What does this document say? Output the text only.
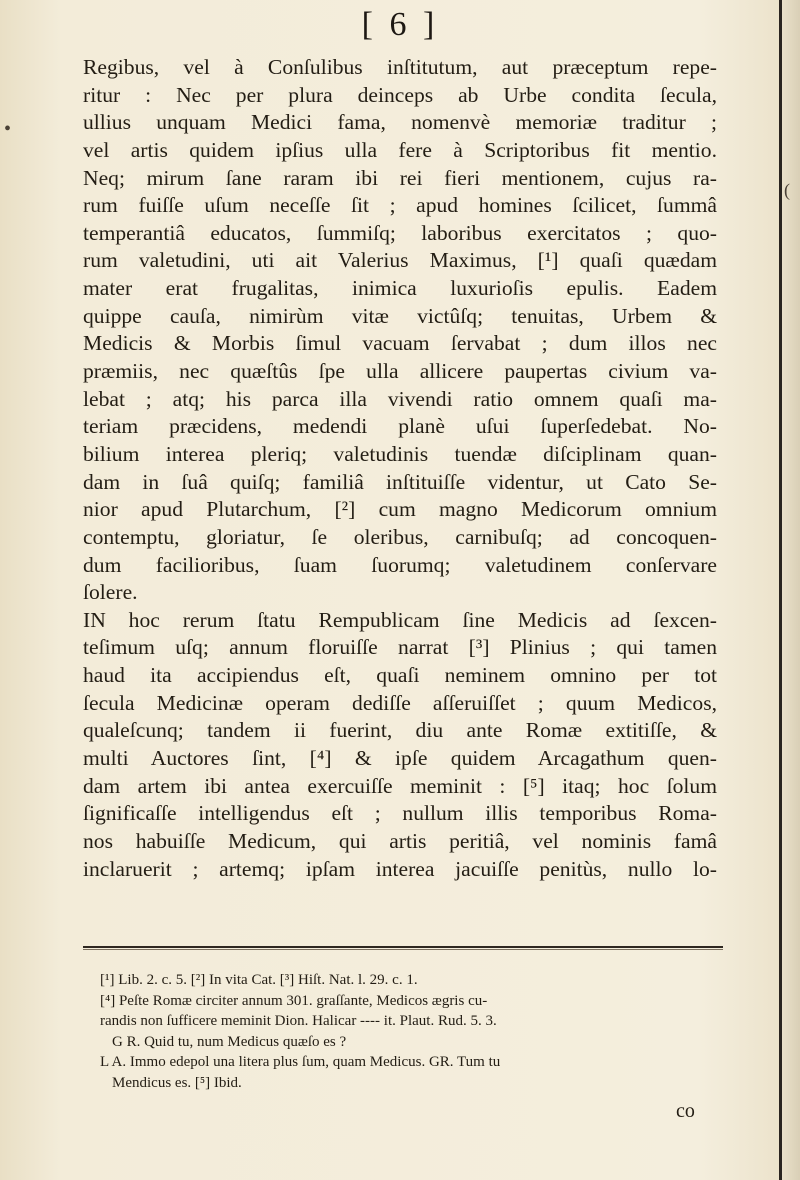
•
(
[ 6 ]
Regibus, vel à Conſulibus inſtitutum, aut præceptum repe-
ritur : Nec per plura deinceps ab Urbe condita ſecula,
ullius unquam Medici fama, nomenvè memoriæ traditur ;
vel artis quidem ipſius ulla fere à Scriptoribus fit mentio.
Neq; mirum ſane raram ibi rei fieri mentionem, cujus ra-
rum fuiſſe uſum neceſſe ſit ; apud homines ſcilicet, ſummâ
temperantiâ educatos, ſummiſq; laboribus exercitatos ; quo-
rum valetudini, uti ait Valerius Maximus, [¹] quaſi quædam
mater erat frugalitas, inimica luxurioſis epulis. Eadem
quippe cauſa, nimirùm vitæ victûſq; tenuitas, Urbem &
Medicis & Morbis ſimul vacuam ſervabat ; dum illos nec
præmiis, nec quæſtûs ſpe ulla allicere paupertas civium va-
lebat ; atq; his parca illa vivendi ratio omnem quaſi ma-
teriam præcidens, medendi planè uſui ſuperſedebat. No-
bilium interea pleriq; valetudinis tuendæ diſciplinam quan-
dam in ſuâ quiſq; familiâ inſtituiſſe videntur, ut Cato Se-
nior apud Plutarchum, [²] cum magno Medicorum omnium
contemptu, gloriatur, ſe oleribus, carnibuſq; ad concoquen-
dum facilioribus, ſuam ſuorumq; valetudinem conſervare
ſolere.
IN hoc rerum ſtatu Rempublicam ſine Medicis ad ſexcen-
teſimum uſq; annum floruiſſe narrat [³] Plinius ; qui tamen
haud ita accipiendus eſt, quaſi neminem omnino per tot
ſecula Medicinæ operam dediſſe aſſeruiſſet ; quum Medicos,
qualeſcunq; tandem ii fuerint, diu ante Romæ extitiſſe, &
multi Auctores ſint, [⁴] & ipſe quidem Arcagathum quen-
dam artem ibi antea exercuiſſe meminit : [⁵] itaq; hoc ſolum
ſignificaſſe intelligendus eſt ; nullum illis temporibus Roma-
nos habuiſſe Medicum, qui artis peritiâ, vel nominis famâ
inclaruerit ; artemq; ipſam interea jacuiſſe penitùs, nullo lo-
[¹] Lib. 2. c. 5. [²] In vita Cat. [³] Hiſt. Nat. l. 29. c. 1.
[⁴] Peſte Romæ circiter annum 301. graſſante, Medicos ægris cu-
randis non ſufficere meminit Dion. Halicar ---- it. Plaut. Rud. 5. 3.
G R. Quid tu, num Medicus quæſo es ?
L A. Immo edepol una litera plus ſum, quam Medicus. GR. Tum tu
Mendicus es. [⁵] Ibid.
co
